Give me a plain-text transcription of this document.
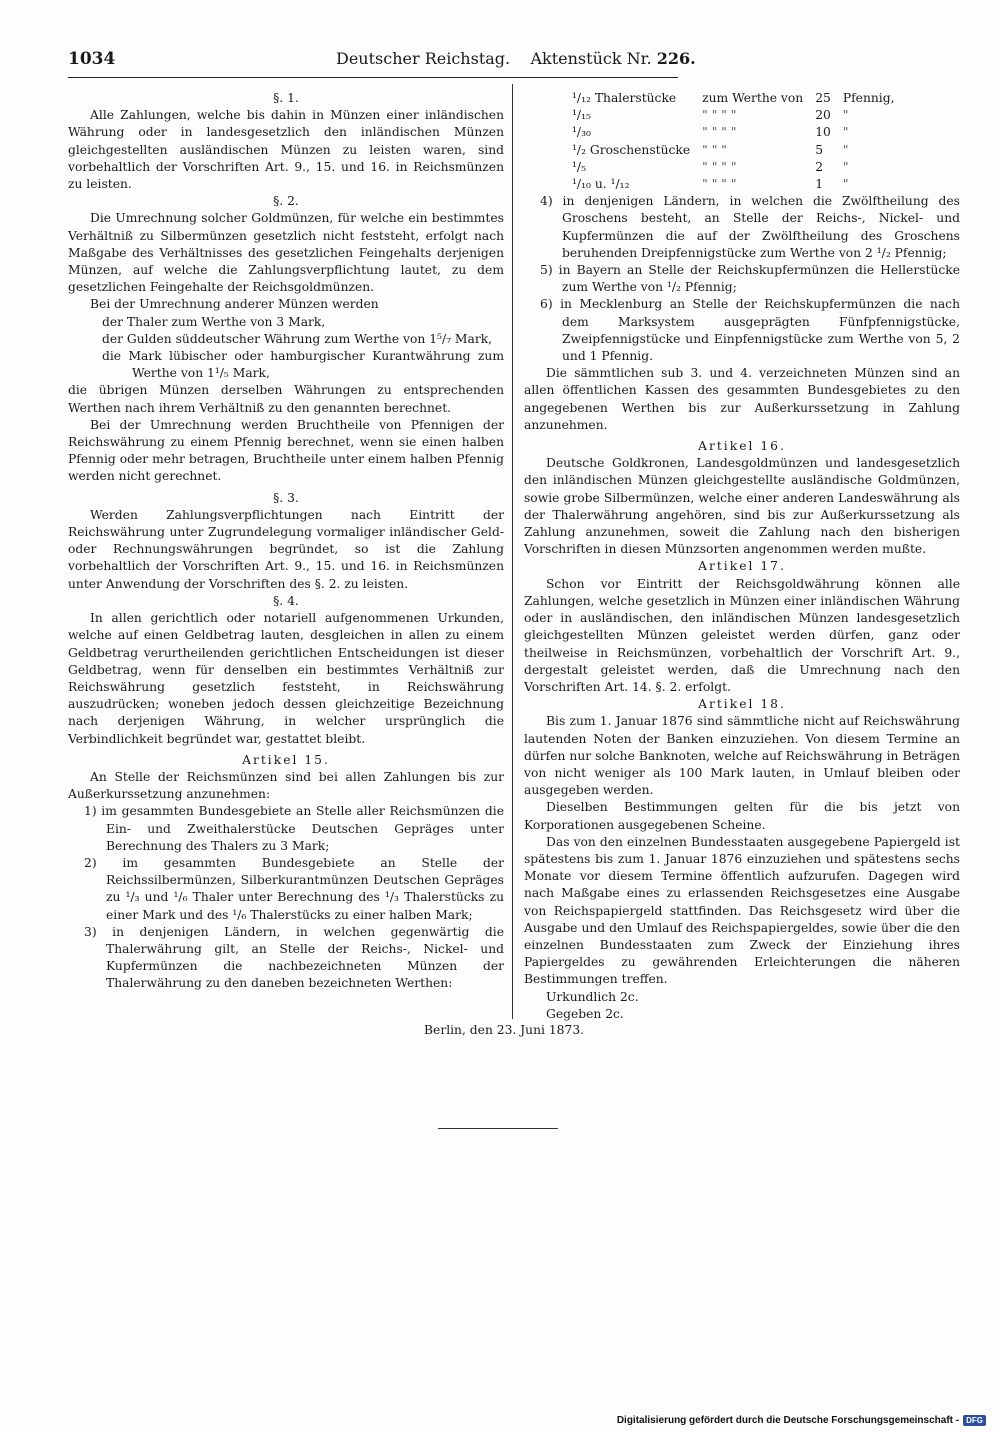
1034	Deutscher Reichstag. Aktenstück Nr. 226.
§. 1.

Alle Zahlungen, welche bis dahin in Münzen einer inländischen Währung oder in landesgesetzlich den inländischen Münzen gleichgestellten ausländischen Münzen zu leisten waren, sind vorbehaltlich der Vorschriften Art. 9., 15. und 16. in Reichsmünzen zu leisten.

§. 2.

Die Umrechnung solcher Goldmünzen, für welche ein bestimmtes Verhältniß zu Silbermünzen gesetzlich nicht feststeht, erfolgt nach Maßgabe des Verhältnisses des gesetzlichen Feingehalts derjenigen Münzen, auf welche die Zahlungsverpflichtung lautet, zu dem gesetzlichen Feingehalte der Reichsgoldmünzen.

Bei der Umrechnung anderer Münzen werden

der Thaler zum Werthe von 3 Mark,
der Gulden süddeutscher Währung zum Werthe von 1⁵/₇ Mark,
die Mark lübischer oder hamburgischer Kurantwährung zum Werthe von 1¹/₅ Mark,

die übrigen Münzen derselben Währungen zu entsprechenden Werthen nach ihrem Verhältniß zu den genannten berechnet.

Bei der Umrechnung werden Bruchtheile von Pfennigen der Reichswährung zu einem Pfennig berechnet, wenn sie einen halben Pfennig oder mehr betragen, Bruchtheile unter einem halben Pfennig werden nicht gerechnet.

§. 3.

Werden Zahlungsverpflichtungen nach Eintritt der Reichswährung unter Zugrundelegung vormaliger inländischer Geld- oder Rechnungswährungen begründet, so ist die Zahlung vorbehaltlich der Vorschriften Art. 9., 15. und 16. in Reichsmünzen unter Anwendung der Vorschriften des §. 2. zu leisten.

§. 4.

In allen gerichtlich oder notariell aufgenommenen Urkunden, welche auf einen Geldbetrag lauten, desgleichen in allen zu einem Geldbetrag verurtheilenden gerichtlichen Entscheidungen ist dieser Geldbetrag, wenn für denselben ein bestimmtes Verhältniß zur Reichswährung gesetzlich feststeht, in Reichswährung auszudrücken; woneben jedoch dessen gleichzeitige Bezeichnung nach derjenigen Währung, in welcher ursprünglich die Verbindlichkeit begründet war, gestattet bleibt.

Artikel 15.

An Stelle der Reichsmünzen sind bei allen Zahlungen bis zur Außerkurssetzung anzunehmen:

1) im gesammten Bundesgebiete an Stelle aller Reichsmünzen die Ein- und Zweithalerstücke Deutschen Gepräges unter Berechnung des Thalers zu 3 Mark;
2) im gesammten Bundesgebiete an Stelle der Reichssilbermünzen, Silberkurantmünzen Deutschen Gepräges zu ¹/₃ und ¹/₆ Thaler unter Berechnung des ¹/₃ Thalerstücks zu einer Mark und des ¹/₆ Thalerstücks zu einer halben Mark;
3) in denjenigen Ländern, in welchen gegenwärtig die Thalerwährung gilt, an Stelle der Reichs-, Nickel- und Kupfermünzen die nachbezeichneten Münzen der Thalerwährung zu den daneben bezeichneten Werthen:
¹/₁₂ Thalerstücke	zum Werthe von	25	Pfennig,
¹/₁₅	" " " "	20	"
¹/₃₀	" " " "	10	"
¹/₂ Groschenstücke	" " "	5	"
¹/₅	" " " "	2	"
¹/₁₀ u. ¹/₁₂	" " " "	1	"
4) in denjenigen Ländern, in welchen die Zwölftheilung des Groschens besteht, an Stelle der Reichs-, Nickel- und Kupfermünzen die auf der Zwölftheilung des Groschens beruhenden Dreipfennigstücke zum Werthe von 2 ¹/₂ Pfennig;
5) in Bayern an Stelle der Reichskupfermünzen die Hellerstücke zum Werthe von ¹/₂ Pfennig;
6) in Mecklenburg an Stelle der Reichskupfermünzen die nach dem Marksystem ausgeprägten Fünfpfennigstücke, Zweipfennigstücke und Einpfennigstücke zum Werthe von 5, 2 und 1 Pfennig.

Die sämmtlichen sub 3. und 4. verzeichneten Münzen sind an allen öffentlichen Kassen des gesammten Bundesgebietes zu den angegebenen Werthen bis zur Außerkurssetzung in Zahlung anzunehmen.

Artikel 16.

Deutsche Goldkronen, Landesgoldmünzen und landesgesetzlich den inländischen Münzen gleichgestellte ausländische Goldmünzen, sowie grobe Silbermünzen, welche einer anderen Landeswährung als der Thalerwährung angehören, sind bis zur Außerkurssetzung als Zahlung anzunehmen, soweit die Zahlung nach den bisherigen Vorschriften in diesen Münzsorten angenommen werden mußte.

Artikel 17.

Schon vor Eintritt der Reichsgoldwährung können alle Zahlungen, welche gesetzlich in Münzen einer inländischen Währung oder in ausländischen, den inländischen Münzen landesgesetzlich gleichgestellten Münzen geleistet werden dürfen, ganz oder theilweise in Reichsmünzen, vorbehaltlich der Vorschrift Art. 9., dergestalt geleistet werden, daß die Umrechnung nach den Vorschriften Art. 14. §. 2. erfolgt.

Artikel 18.

Bis zum 1. Januar 1876 sind sämmtliche nicht auf Reichswährung lautenden Noten der Banken einzuziehen. Von diesem Termine an dürfen nur solche Banknoten, welche auf Reichswährung in Beträgen von nicht weniger als 100 Mark lauten, in Umlauf bleiben oder ausgegeben werden.

Dieselben Bestimmungen gelten für die bis jetzt von Korporationen ausgegebenen Scheine.

Das von den einzelnen Bundesstaaten ausgegebene Papiergeld ist spätestens bis zum 1. Januar 1876 einzuziehen und spätestens sechs Monate vor diesem Termine öffentlich aufzurufen. Dagegen wird nach Maßgabe eines zu erlassenden Reichsgesetzes eine Ausgabe von Reichspapiergeld stattfinden. Das Reichsgesetz wird über die Ausgabe und den Umlauf des Reichspapiergeldes, sowie über die den einzelnen Bundesstaaten zum Zweck der Einziehung ihres Papiergeldes zu gewährenden Erleichterungen die näheren Bestimmungen treffen.

Urkundlich 2c.

Gegeben 2c.

Berlin, den 23. Juni 1873.
Digitalisierung gefördert durch die Deutsche Forschungsgemeinschaft - DFG
